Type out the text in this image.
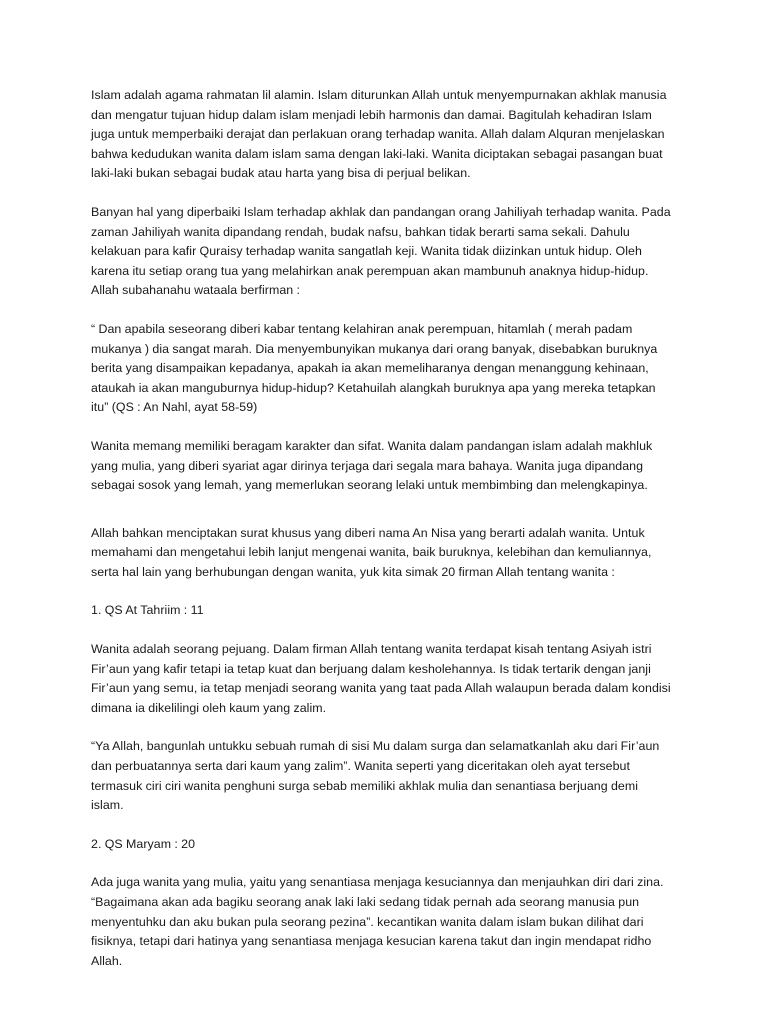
Islam adalah agama rahmatan lil alamin. Islam diturunkan Allah untuk menyempurnakan akhlak manusia
dan mengatur tujuan hidup dalam islam menjadi lebih harmonis dan damai. Bagitulah kehadiran Islam
juga untuk memperbaiki derajat dan perlakuan orang terhadap wanita. Allah dalam Alquran menjelaskan
bahwa kedudukan wanita dalam islam sama dengan laki-laki. Wanita diciptakan sebagai pasangan buat
laki-laki bukan sebagai budak atau harta yang bisa di perjual belikan.

Banyan hal yang diperbaiki Islam terhadap akhlak dan pandangan orang Jahiliyah terhadap wanita. Pada
zaman Jahiliyah wanita dipandang rendah, budak nafsu, bahkan tidak berarti sama sekali. Dahulu
kelakuan para kafir Quraisy terhadap wanita sangatlah keji. Wanita tidak diizinkan untuk hidup. Oleh
karena itu setiap orang tua yang melahirkan anak perempuan akan mambunuh anaknya hidup-hidup.
Allah subahanahu wataala berfirman :

“ Dan apabila seseorang diberi kabar tentang kelahiran anak perempuan, hitamlah ( merah padam
mukanya ) dia sangat marah. Dia menyembunyikan mukanya dari orang banyak, disebabkan buruknya
berita yang disampaikan kepadanya, apakah ia akan memeliharanya dengan menanggung kehinaan,
ataukah ia akan manguburnya hidup-hidup? Ketahuilah alangkah buruknya apa yang mereka tetapkan
itu” (QS : An Nahl, ayat 58-59)

Wanita memang memiliki beragam karakter dan sifat. Wanita dalam pandangan islam adalah makhluk
yang mulia, yang diberi syariat agar dirinya terjaga dari segala mara bahaya. Wanita juga dipandang
sebagai sosok yang lemah, yang memerlukan seorang lelaki untuk membimbing dan melengkapinya.

Allah bahkan menciptakan surat khusus yang diberi nama An Nisa yang berarti adalah wanita. Untuk
memahami dan mengetahui lebih lanjut mengenai wanita, baik buruknya, kelebihan dan kemuliannya,
serta hal lain yang berhubungan dengan wanita, yuk kita simak 20 firman Allah tentang wanita :

1. QS At Tahriim : 11

Wanita adalah seorang pejuang. Dalam firman Allah tentang wanita terdapat kisah tentang Asiyah istri
Fir’aun yang kafir tetapi ia tetap kuat dan berjuang dalam kesholehannya. Is tidak tertarik dengan janji
Fir’aun yang semu, ia tetap menjadi seorang wanita yang taat pada Allah walaupun berada dalam kondisi
dimana ia dikelilingi oleh kaum yang zalim.

“Ya Allah, bangunlah untukku sebuah rumah di sisi Mu dalam surga dan selamatkanlah aku dari Fir’aun
dan perbuatannya serta dari kaum yang zalim”. Wanita seperti yang diceritakan oleh ayat tersebut
termasuk ciri ciri wanita penghuni surga sebab memiliki akhlak mulia dan senantiasa berjuang demi
islam.

2. QS Maryam : 20

Ada juga wanita yang mulia, yaitu yang senantiasa menjaga kesuciannya dan menjauhkan diri dari zina.
“Bagaimana akan ada bagiku seorang anak laki laki sedang tidak pernah ada seorang manusia pun
menyentuhku dan aku bukan pula seorang pezina”. kecantikan wanita dalam islam bukan dilihat dari
fisiknya, tetapi dari hatinya yang senantiasa menjaga kesucian karena takut dan ingin mendapat ridho
Allah.
